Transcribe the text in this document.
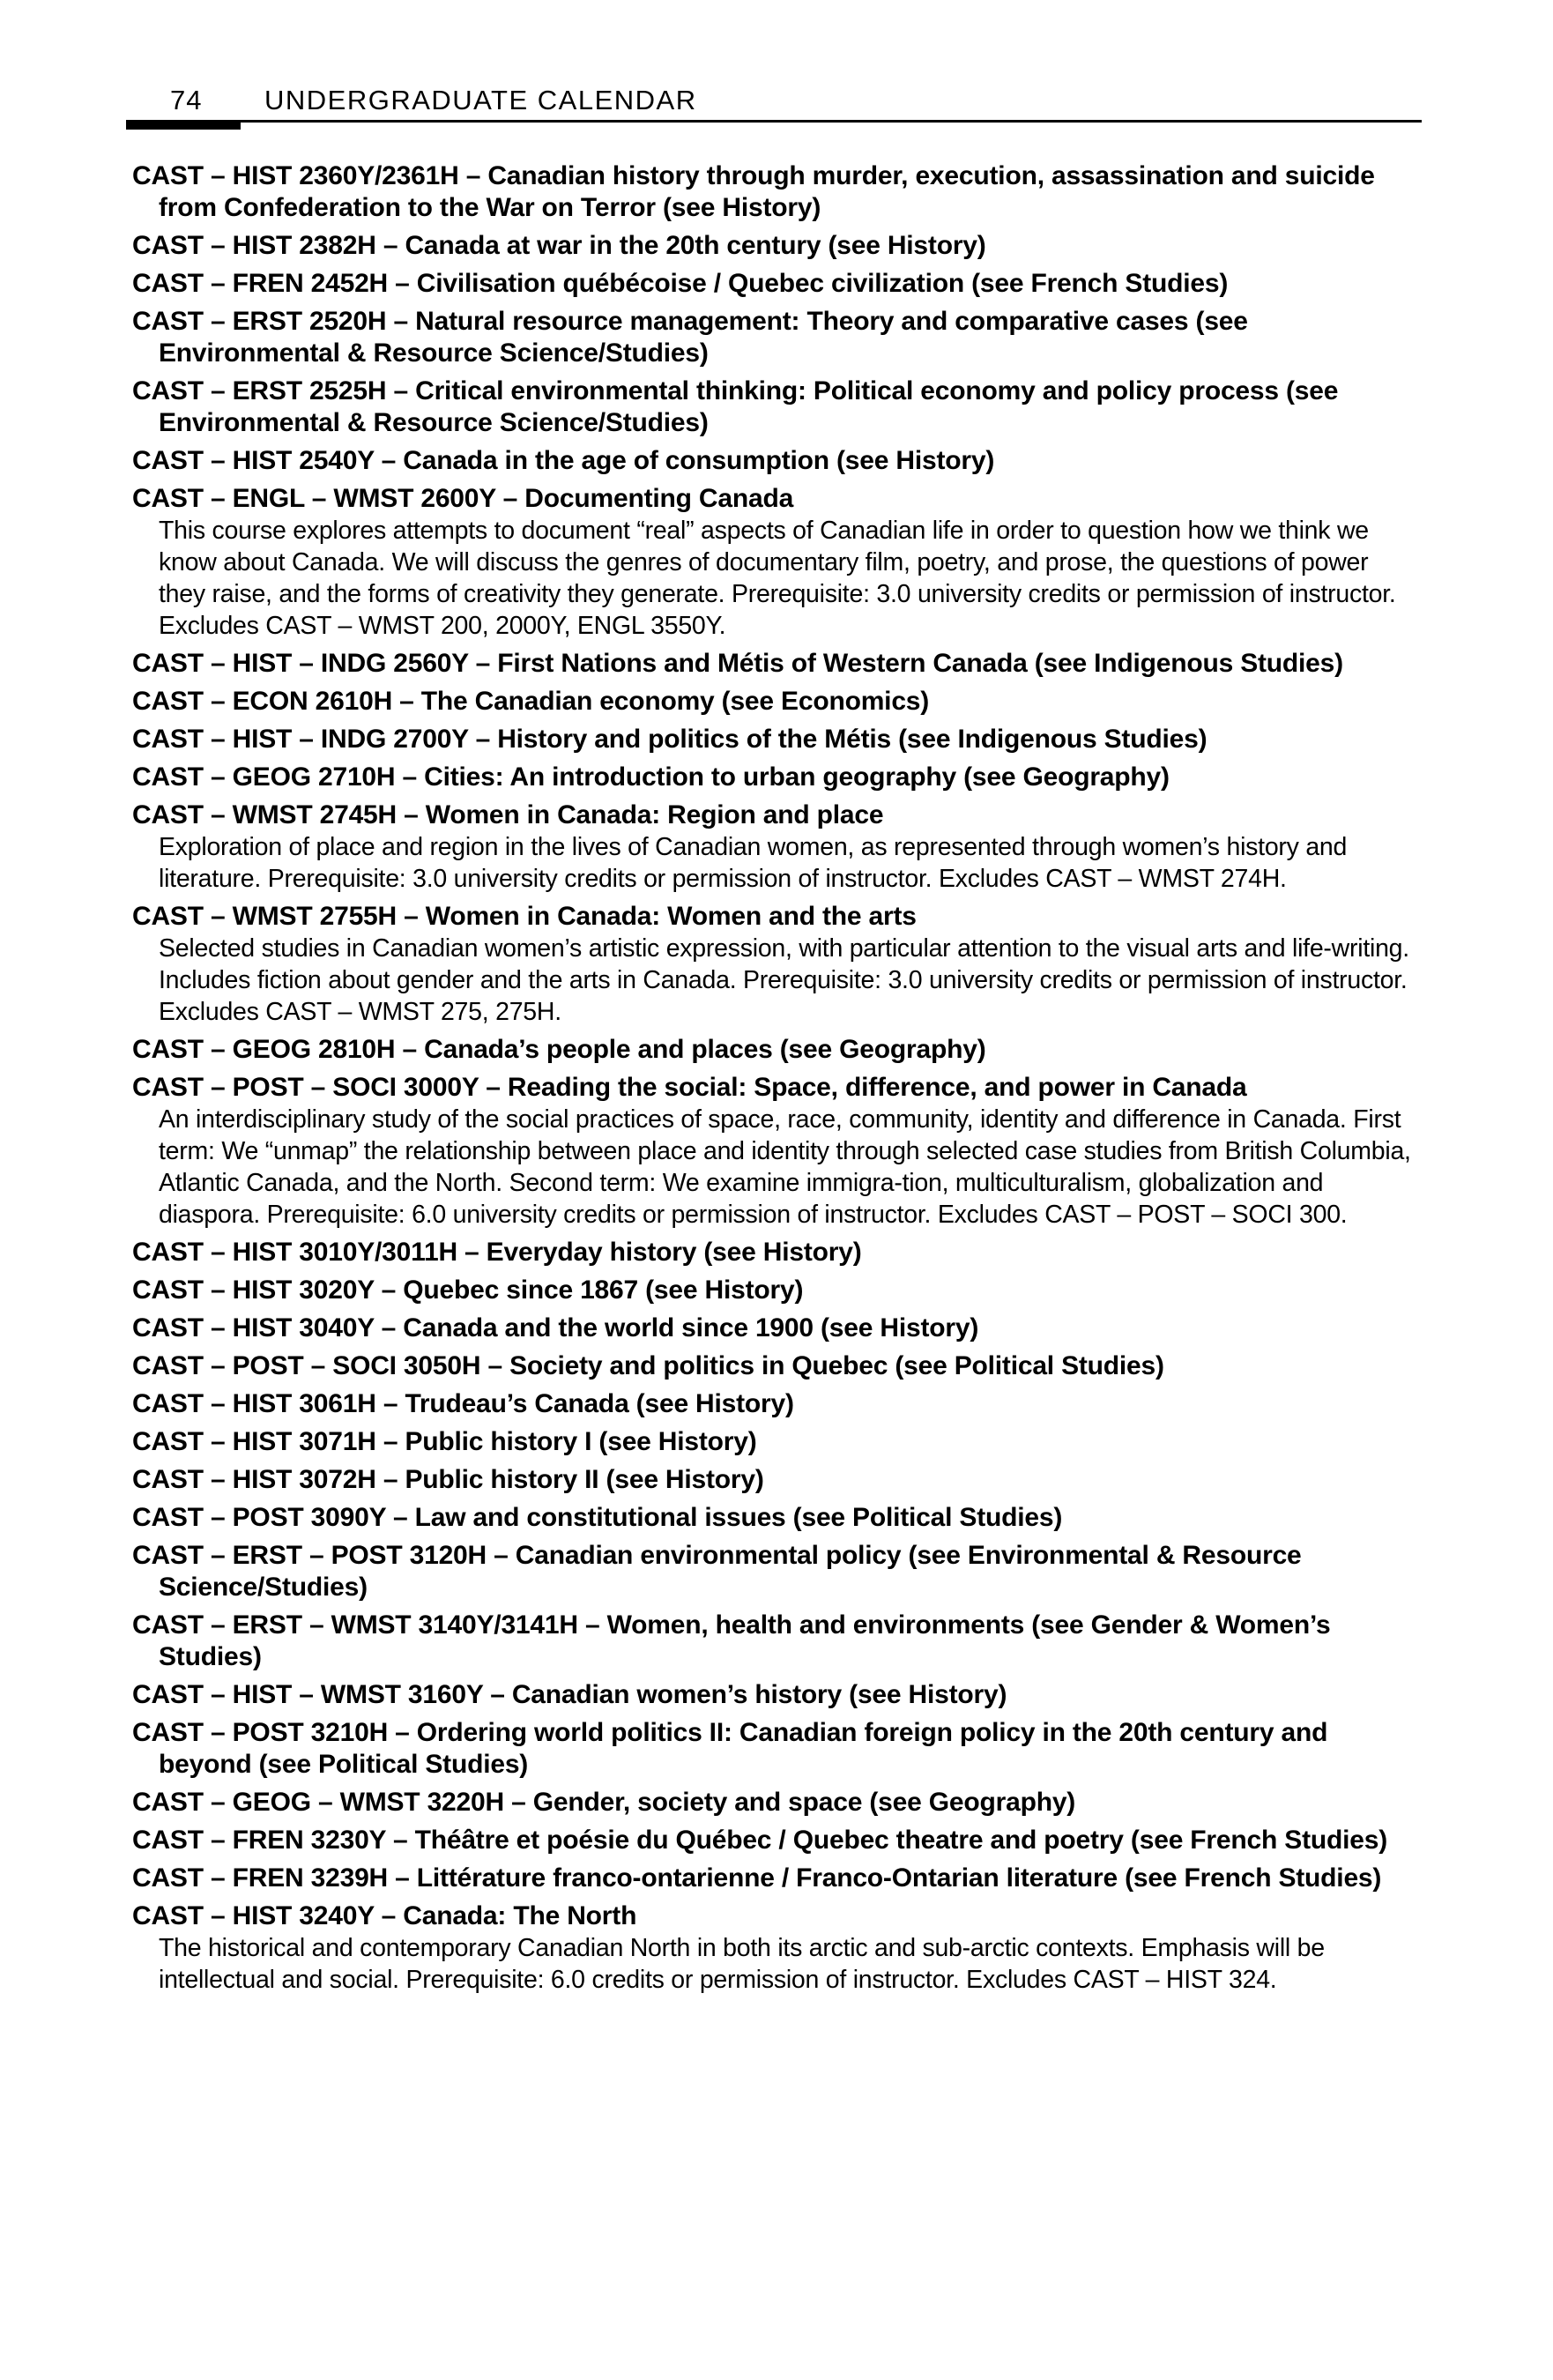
74 UNDERGRADUATE CALENDAR
CAST – HIST 2360Y/2361H – Canadian history through murder, execution, assassination and suicide from Confederation to the War on Terror (see History)
CAST – HIST 2382H – Canada at war in the 20th century (see History)
CAST – FREN 2452H – Civilisation québécoise / Quebec civilization (see French Studies)
CAST – ERST 2520H – Natural resource management: Theory and comparative cases (see Environmental & Resource Science/Studies)
CAST – ERST 2525H – Critical environmental thinking: Political economy and policy process (see Environmental & Resource Science/Studies)
CAST – HIST 2540Y – Canada in the age of consumption (see History)
CAST – ENGL – WMST 2600Y – Documenting Canada
This course explores attempts to document “real” aspects of Canadian life in order to question how we think we know about Canada. We will discuss the genres of documentary film, poetry, and prose, the questions of power they raise, and the forms of creativity they generate. Prerequisite: 3.0 university credits or permission of instructor. Excludes CAST – WMST 200, 2000Y, ENGL 3550Y.
CAST – HIST – INDG 2560Y – First Nations and Métis of Western Canada (see Indigenous Studies)
CAST – ECON 2610H – The Canadian economy (see Economics)
CAST – HIST – INDG 2700Y – History and politics of the Métis (see Indigenous Studies)
CAST – GEOG 2710H – Cities: An introduction to urban geography (see Geography)
CAST – WMST 2745H – Women in Canada: Region and place
Exploration of place and region in the lives of Canadian women, as represented through women’s history and literature. Prerequisite: 3.0 university credits or permission of instructor. Excludes CAST – WMST 274H.
CAST – WMST 2755H – Women in Canada: Women and the arts
Selected studies in Canadian women’s artistic expression, with particular attention to the visual arts and life-writing. Includes fiction about gender and the arts in Canada. Prerequisite: 3.0 university credits or permission of instructor. Excludes CAST – WMST 275, 275H.
CAST – GEOG 2810H – Canada’s people and places (see Geography)
CAST – POST – SOCI 3000Y – Reading the social: Space, difference, and power in Canada
An interdisciplinary study of the social practices of space, race, community, identity and difference in Canada. First term: We “unmap” the relationship between place and identity through selected case studies from British Columbia, Atlantic Canada, and the North. Second term: We examine immigra-tion, multiculturalism, globalization and diaspora. Prerequisite: 6.0 university credits or permission of instructor. Excludes CAST – POST – SOCI 300.
CAST – HIST 3010Y/3011H – Everyday history (see History)
CAST – HIST 3020Y – Quebec since 1867 (see History)
CAST – HIST 3040Y – Canada and the world since 1900 (see History)
CAST – POST – SOCI 3050H – Society and politics in Quebec (see Political Studies)
CAST – HIST 3061H – Trudeau’s Canada (see History)
CAST – HIST 3071H – Public history I (see History)
CAST – HIST 3072H – Public history II (see History)
CAST – POST 3090Y – Law and constitutional issues (see Political Studies)
CAST – ERST – POST 3120H – Canadian environmental policy (see Environmental & Resource Science/Studies)
CAST – ERST – WMST 3140Y/3141H – Women, health and environments (see Gender & Women’s Studies)
CAST – HIST – WMST 3160Y – Canadian women’s history (see History)
CAST – POST 3210H – Ordering world politics II: Canadian foreign policy in the 20th century and beyond (see Political Studies)
CAST – GEOG – WMST 3220H – Gender, society and space (see Geography)
CAST – FREN 3230Y – Théâtre et poésie du Québec / Quebec theatre and poetry (see French Studies)
CAST – FREN 3239H – Littérature franco-ontarienne / Franco-Ontarian literature (see French Studies)
CAST – HIST 3240Y – Canada: The North
The historical and contemporary Canadian North in both its arctic and sub-arctic contexts. Emphasis will be intellectual and social. Prerequisite: 6.0 credits or permission of instructor. Excludes CAST – HIST 324.
